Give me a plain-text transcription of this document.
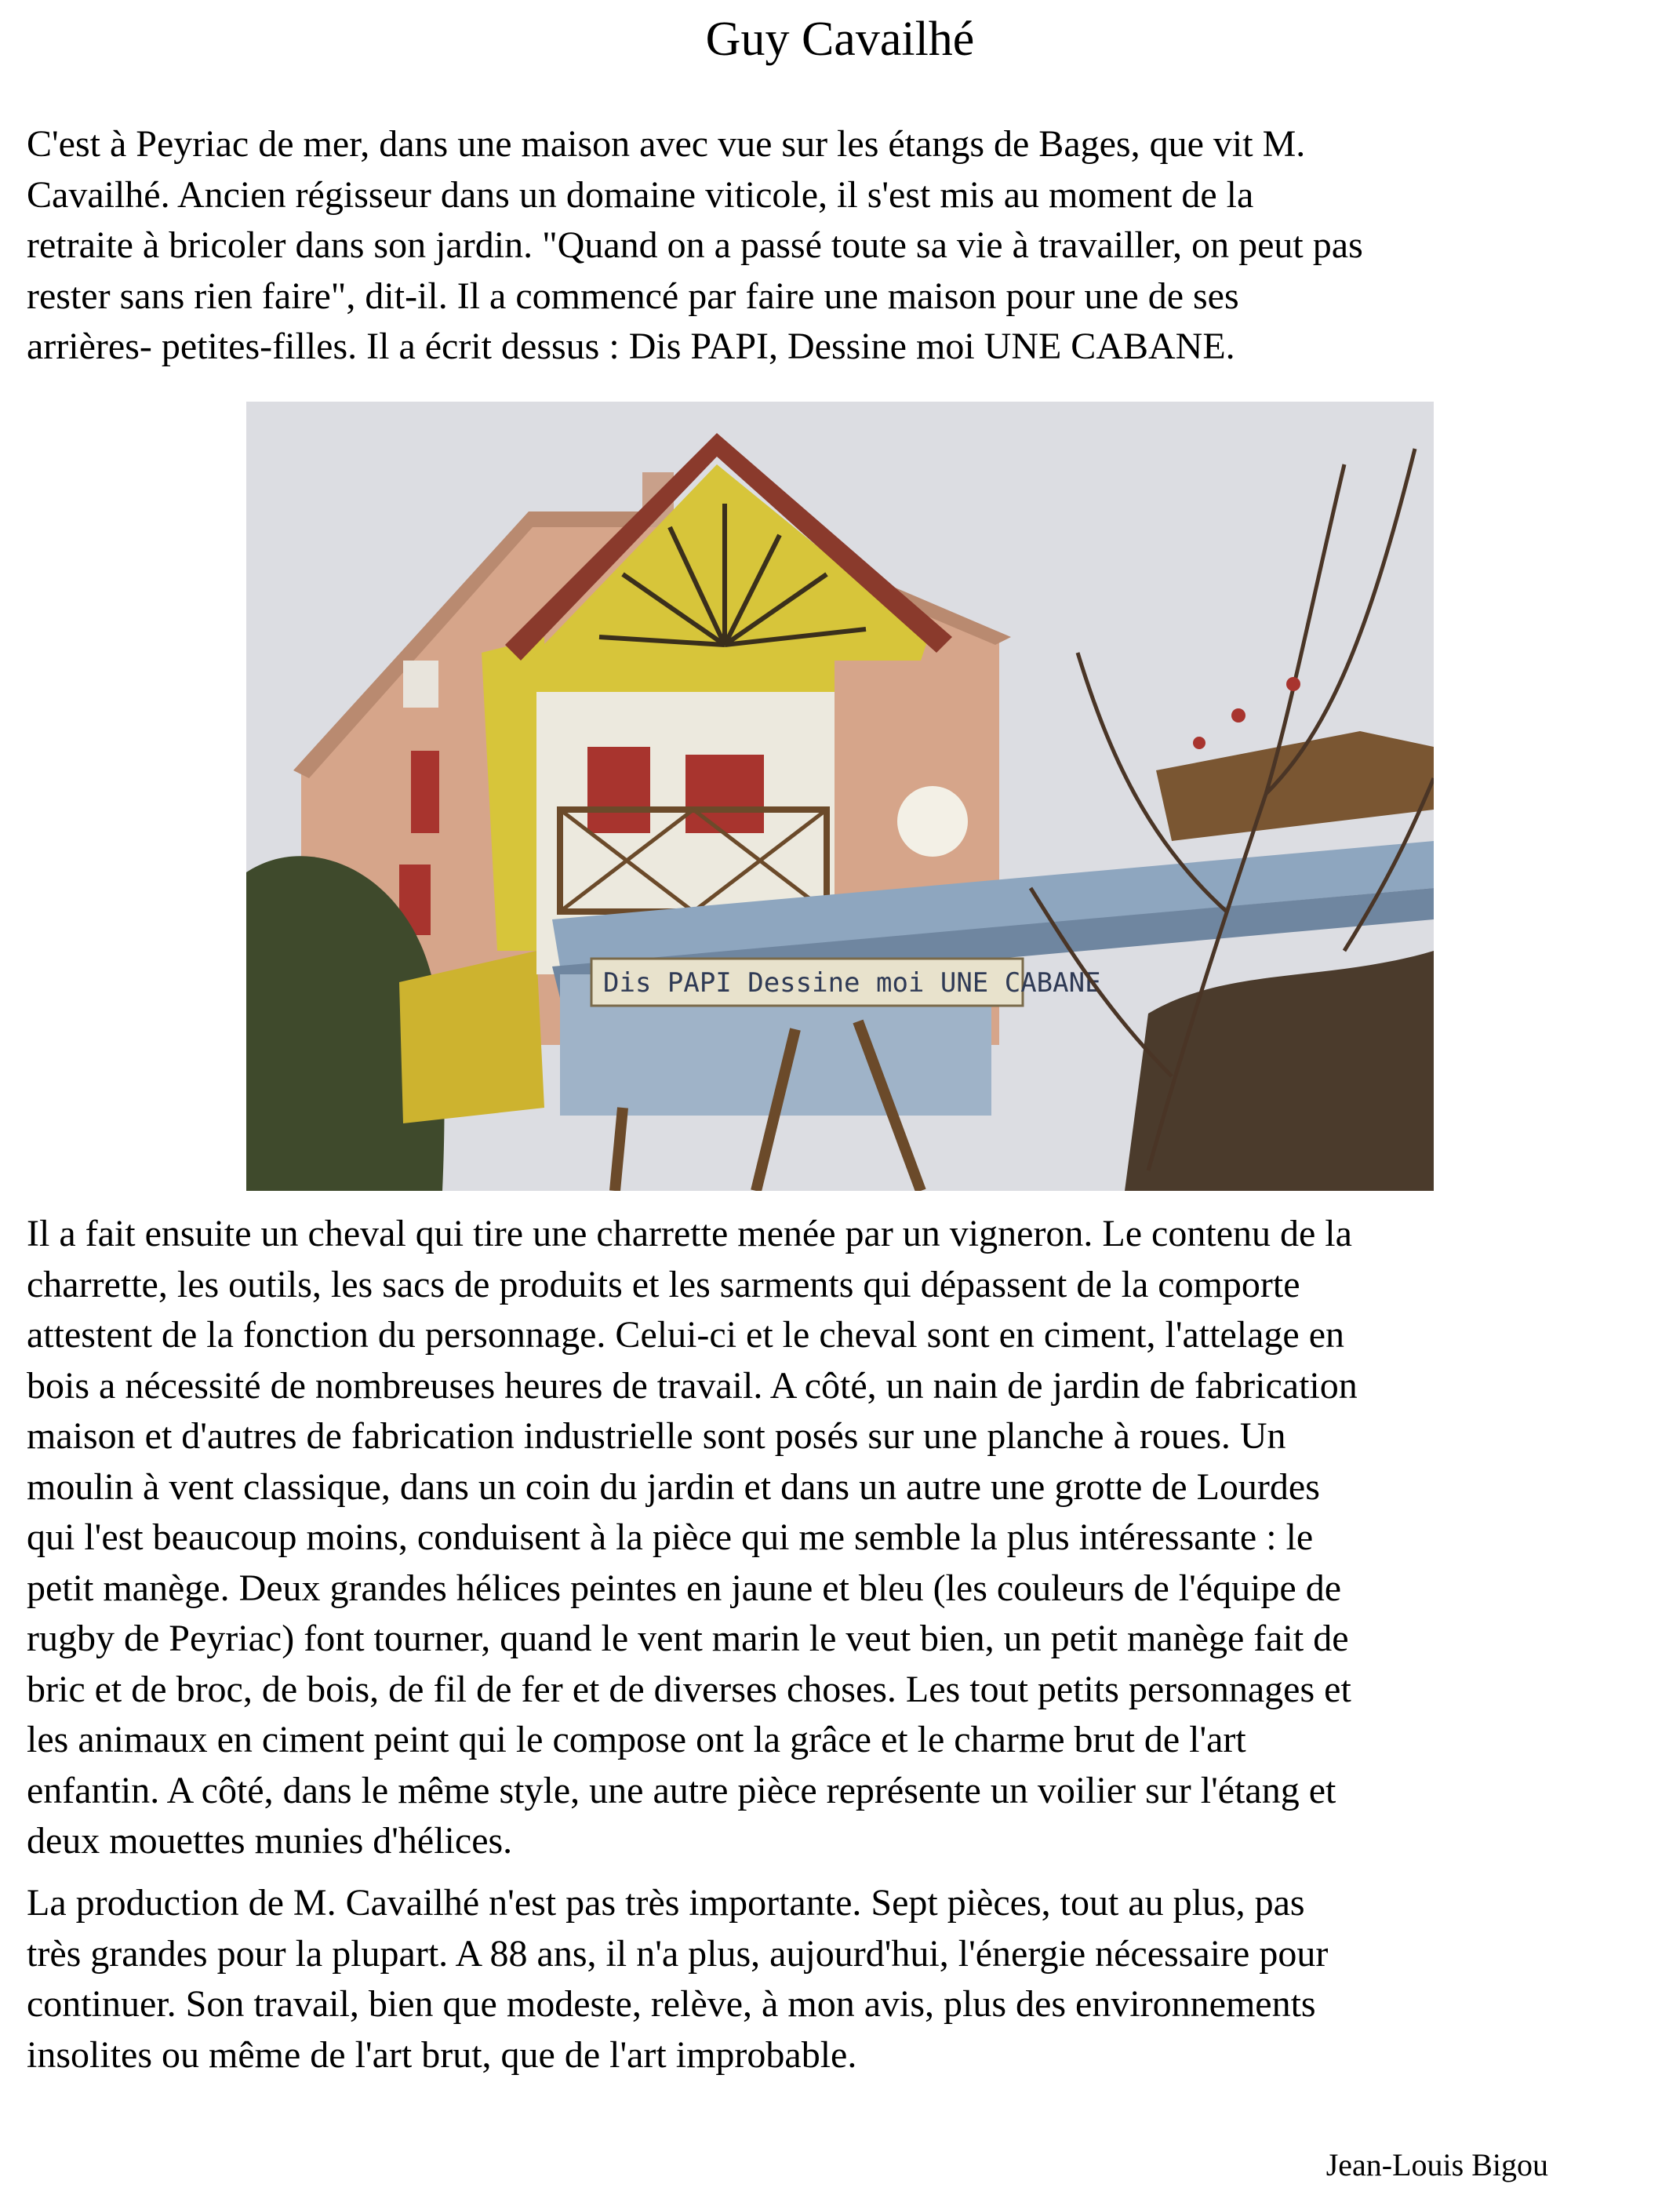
Guy Cavailhé

C'est à Peyriac de mer, dans une maison avec vue sur les étangs de Bages, que vit M.
Cavailhé. Ancien régisseur dans un domaine viticole, il s'est mis au moment de la
retraite à bricoler dans son jardin. "Quand on a passé toute sa vie à travailler, on peut pas
rester sans rien faire", dit-il. Il a commencé par faire une maison pour une de ses
arrières- petites-filles. Il a écrit dessus : Dis PAPI, Dessine moi UNE CABANE.

Dis PAPI Dessine moi UNE CABANE

Il a fait ensuite un cheval qui tire une charrette menée par un vigneron. Le contenu de la
charrette, les outils, les sacs de produits et les sarments qui dépassent de la comporte
attestent de la fonction du personnage. Celui-ci et le cheval sont en ciment, l'attelage en
bois a nécessité de nombreuses heures de travail. A côté, un nain de jardin de fabrication
maison et d'autres de fabrication industrielle sont posés sur une planche à roues. Un
moulin à vent classique, dans un coin du jardin et dans un autre une grotte de Lourdes
qui l'est beaucoup moins, conduisent à la pièce qui me semble la plus intéressante : le
petit manège. Deux grandes hélices peintes en jaune et bleu (les couleurs de l'équipe de
rugby de Peyriac) font tourner, quand le vent marin le veut bien, un petit manège fait de
bric et de broc, de bois, de fil de fer et de diverses choses. Les tout petits personnages et
les animaux en ciment peint qui le compose ont la grâce et le charme brut de l'art
enfantin. A côté, dans le même style, une autre pièce représente un voilier sur l'étang et
deux mouettes munies d'hélices.

La production de M. Cavailhé n'est pas très importante. Sept pièces, tout au plus, pas
très grandes pour la plupart. A 88 ans, il n'a plus, aujourd'hui, l'énergie nécessaire pour
continuer. Son travail, bien que modeste, relève, à mon avis, plus des environnements
insolites ou même de l'art brut, que de l'art improbable.

Jean-Louis Bigou
